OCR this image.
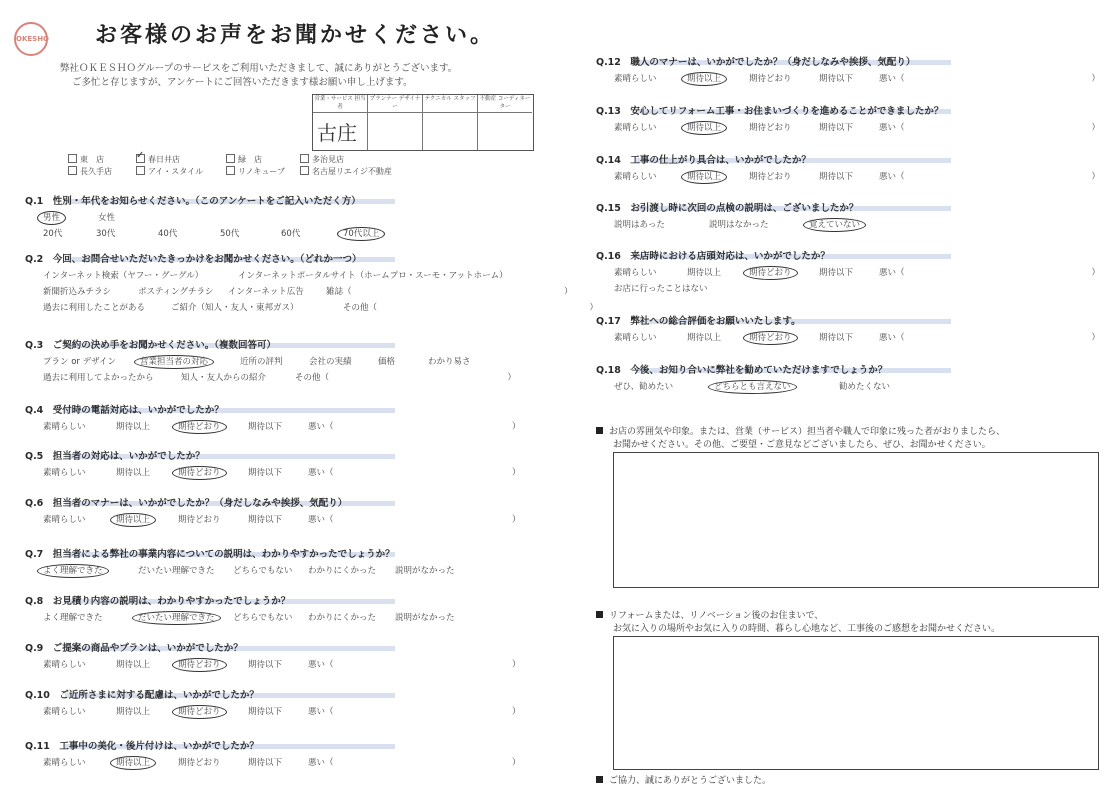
OKESHO お客様のお声をお聞かせください。
弊社ＯＫＥＳＨＯグループのサービスをご利用いただきまして、誠にありがとうございます。
ご多忙と存じますが、アンケートにご回答いただきます様お願い申し上げます。
営業・サービス 担当者
古庄
プランナー デザイナー
テクニカル スタッフ 不動産 コーディネーター
東　店
✓	春日井店	緑　店	多治見店
長久手店	アイ・スタイル	リノキューブ	名古屋リエイジ不動産
Q.1　性別・年代をお知らせください。（このアンケートをご記入いただく方）
男性	女性
20代	30代	40代	50代	60代	70代以上
Q.2　今回、お問合せいただいたきっかけをお聞かせください。（どれか一つ）
インターネット検索（ヤフー・グーグル）	インターネットポータルサイト（ホームプロ・スーモ・アットホーム）
新聞折込みチラシ	ポスティングチラシ インターネット広告	雑誌（　　　　　　　　　　　　　　　　　　　　　　　　　）
過去に利用したことがある	ご紹介（知人・友人・東邦ガス）	その他（　　　　　　　　　　　　　　　　　　　　　　　　　）
Q.3　ご契約の決め手をお聞かせください。（複数回答可）
プラン or デザイン	営業担当者の対応	近所の評判	会社の実績	価格	わかり易さ
過去に利用してよかったから	知人・友人からの紹介	その他（　　　　　　　　　　　　　　　　　　　　　）
Q.4　受付時の電話対応は、いかがでしたか？
素晴らしい	期待以上	期待どおり	期待以下	悪い（　　　　　　　　　　　　　　　　　　　　　）
Q.5　担当者の対応は、いかがでしたか？
素晴らしい	期待以上	期待どおり	期待以下	悪い（　　　　　　　　　　　　　　　　　　　　　）
Q.6　担当者のマナーは、いかがでしたか？（身だしなみや挨拶、気配り）
素晴らしい	期待以上	期待どおり	期待以下	悪い（　　　　　　　　　　　　　　　　　　　　　）
Q.7　担当者による弊社の事業内容についての説明は、わかりやすかったでしょうか？
よく理解できた	だいたい理解できた どちらでもない わかりにくかった 説明がなかった
Q.8　お見積り内容の説明は、わかりやすかったでしょうか？
よく理解できた	だいたい理解できた どちらでもない わかりにくかった 説明がなかった
Q.9　ご提案の商品やプランは、いかがでしたか？
素晴らしい	期待以上	期待どおり	期待以下	悪い（　　　　　　　　　　　　　　　　　　　　　）
Q.10　ご近所さまに対する配慮は、いかがでしたか？
素晴らしい	期待以上	期待どおり	期待以下	悪い（　　　　　　　　　　　　　　　　　　　　　）
Q.11　工事中の美化・後片付けは、いかがでしたか？
素晴らしい	期待以上	期待どおり	期待以下	悪い（　　　　　　　　　　　　　　　　　　　　　）
Q.12　職人のマナーは、いかがでしたか？（身だしなみや挨拶、気配り）
素晴らしい	期待以上	期待どおり	期待以下	悪い（　　　　　　　　　　　　　　　　　　　　　　）
Q.13　安心してリフォーム工事・お住まいづくりを進めることができましたか？
素晴らしい	期待以上	期待どおり	期待以下	悪い（　　　　　　　　　　　　　　　　　　　　　　）
Q.14　工事の仕上がり具合は、いかがでしたか？
素晴らしい	期待以上	期待どおり	期待以下	悪い（　　　　　　　　　　　　　　　　　　　　　　）
Q.15　お引渡し時に次回の点検の説明は、ございましたか？
説明はあった	説明はなかった	覚えていない
Q.16　来店時における店頭対応は、いかがでしたか？
素晴らしい	期待以上	期待どおり	期待以下	悪い（　　　　　　　　　　　　　　　　　　　　　　）
お店に行ったことはない
Q.17　弊社への総合評価をお願いいたします。
素晴らしい	期待以上	期待どおり	期待以下	悪い（　　　　　　　　　　　　　　　　　　　　　　）
Q.18　今後、お知り合いに弊社を勧めていただけますでしょうか？
ぜひ、勧めたい	どちらとも言えない	勧めたくない
お店の雰囲気や印象。または、営業（サービス）担当者や職人で印象に残った者がおりましたら、
お聞かせください。その他、ご要望・ご意見などございましたら、ぜひ、お聞かせください。
リフォームまたは、リノベーション後のお住まいで、
お気に入りの場所やお気に入りの時間、暮らし心地など、工事後のご感想をお聞かせください。
ご協力、誠にありがとうございました。
